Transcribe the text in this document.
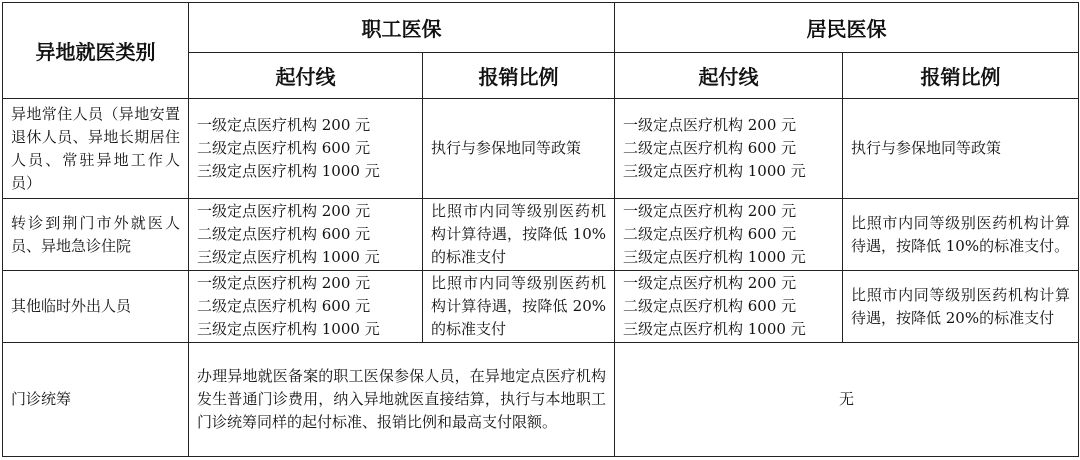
异地就医类别	职工医保		居民医保	
	起付线	报销比例	起付线	报销比例
异地常住人员（异地安置退休人员、异地长期居住人员、常驻异地工作人员）	一级定点医疗机构 200 元
二级定点医疗机构 600 元
三级定点医疗机构 1000 元	执行与参保地同等政策	一级定点医疗机构 200 元
二级定点医疗机构 600 元
三级定点医疗机构 1000 元	执行与参保地同等政策
转诊到荆门市外就医人员、异地急诊住院	一级定点医疗机构 200 元
二级定点医疗机构 600 元
三级定点医疗机构 1000 元	比照市内同等级别医药机构计算待遇，按降低 10%的标准支付	一级定点医疗机构 200 元
二级定点医疗机构 600 元
三级定点医疗机构 1000 元	比照市内同等级别医药机构计算待遇，按降低 10%的标准支付。
其他临时外出人员	一级定点医疗机构 200 元
二级定点医疗机构 600 元
三级定点医疗机构 1000 元	比照市内同等级别医药机构计算待遇，按降低 20%的标准支付	一级定点医疗机构 200 元
二级定点医疗机构 600 元
三级定点医疗机构 1000 元	比照市内同等级别医药机构计算待遇，按降低 20%的标准支付
门诊统筹	办理异地就医备案的职工医保参保人员，在异地定点医疗机构发生普通门诊费用，纳入异地就医直接结算，执行与本地职工门诊统筹同样的起付标准、报销比例和最高支付限额。		无	
